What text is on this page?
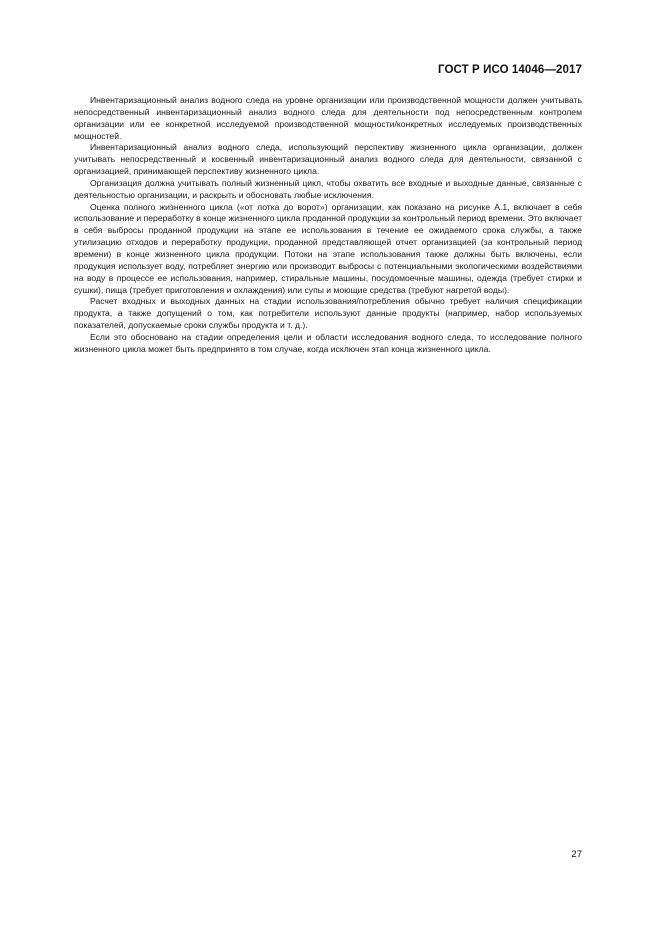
ГОСТ Р ИСО 14046—2017

Инвентаризационный анализ водного следа на уровне организации или производственной мощности должен учитывать непосредственный инвентаризационный анализ водного следа для деятельности под непосредственным контролем организации или ее конкретной исследуемой производственной мощности/конкретных исследуемых производственных мощностей.

Инвентаризационный анализ водного следа, использующий перспективу жизненного цикла организации, должен учитывать непосредственный и косвенный инвентаризационный анализ водного следа для деятельности, связанной с организацией, принимающей перспективу жизненного цикла.

Организация должна учитывать полный жизненный цикл, чтобы охватить все входные и выходные данные, связанные с деятельностью организации, и раскрыть и обосновать любые исключения.

Оценка полного жизненного цикла («от лотка до ворот») организации, как показано на рисунке А.1, включает в себя использование и переработку в конце жизненного цикла проданной продукции за контрольный период времени. Это включает в себя выбросы проданной продукции на этапе ее использования в течение ее ожидаемого срока службы, а также утилизацию отходов и переработку продукции, проданной представляющей отчет организацией (за контрольный период времени) в конце жизненного цикла продукции. Потоки на этапе использования также должны быть включены, если продукция использует воду, потребляет энергию или производит выбросы с потенциальными экологическими воздействиями на воду в процессе ее использования, например, стиральные машины, посудомоечные машины, одежда (требует стирки и сушки), пища (требует приготовления и охлаждения) или супы и моющие средства (требуют нагретой воды).

Расчет входных и выходных данных на стадии использования/потребления обычно требует наличия спецификации продукта, а также допущений о том, как потребители используют данные продукты (например, набор используемых показателей, допускаемые сроки службы продукта и т. д.).

Если это обосновано на стадии определения цели и области исследования водного следа, то исследование полного жизненного цикла может быть предпринято в том случае, когда исключен этап конца жизненного цикла.

27
